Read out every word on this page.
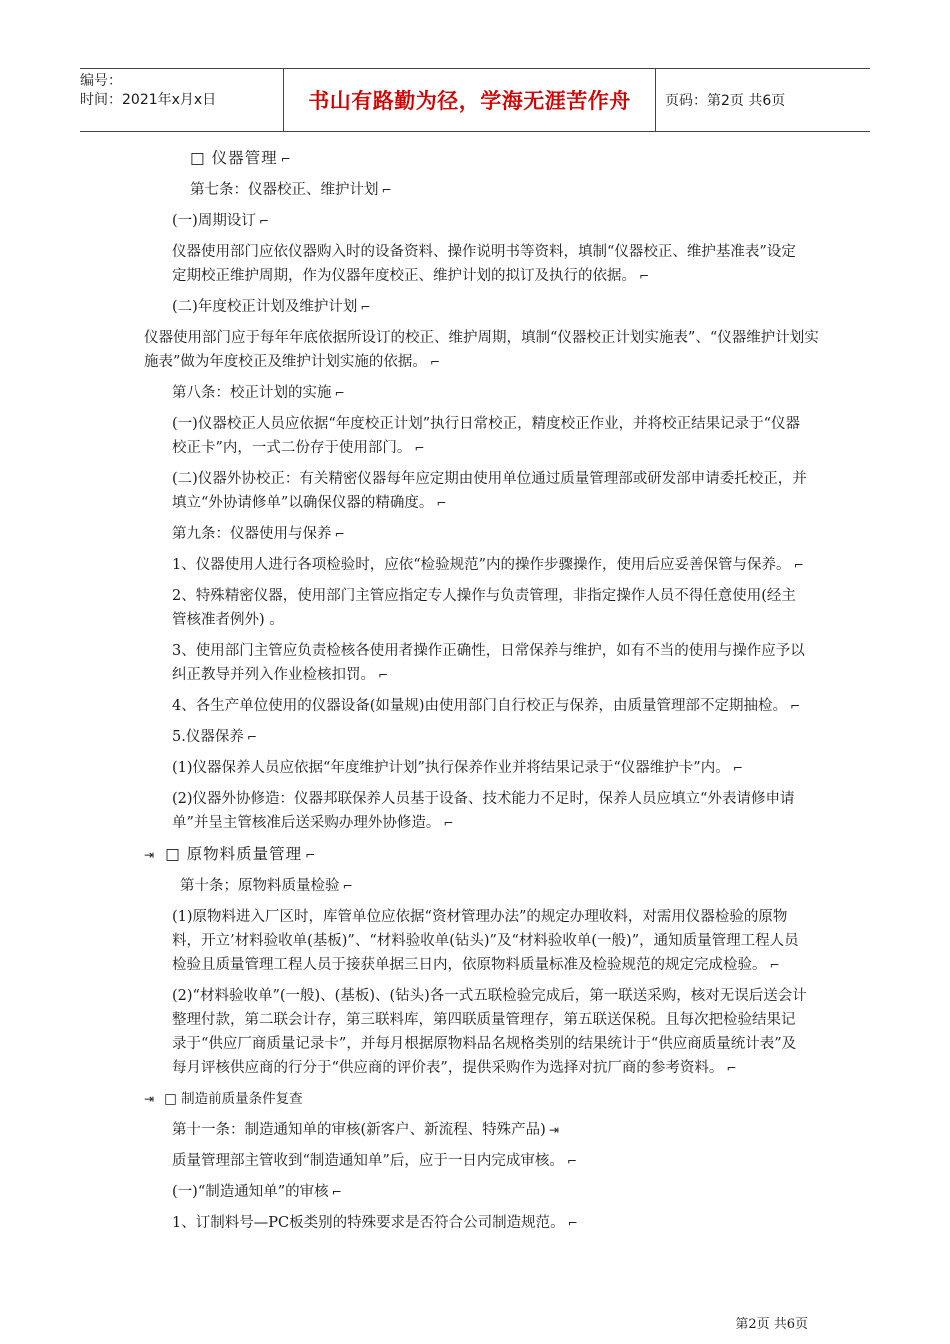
编号：
时间：2021年x月x日	书山有路勤为径，学海无涯苦作舟 页码：第2页 共6页
□ 仪器管理 ⌐
第七条：仪器校正、维护计划 ⌐
(一)周期设订 ⌐
仪器使用部门应依仪器购入时的设备资料、操作说明书等资料，填制“仪器校正、维护基准表”设定定期校正维护周期，作为仪器年度校正、维护计划的拟订及执行的依据。 ⌐
(二)年度校正计划及维护计划 ⌐
仪器使用部门应于每年年底依据所设订的校正、维护周期，填制“仪器校正计划实施表”、“仪器维护计划实施表”做为年度校正及维护计划实施的依据。 ⌐
第八条：校正计划的实施 ⌐
(一)仪器校正人员应依据“年度校正计划”执行日常校正，精度校正作业，并将校正结果记录于“仪器校正卡”内，一式二份存于使用部门。 ⌐
(二)仪器外协校正：有关精密仪器每年应定期由使用单位通过质量管理部或研发部申请委托校正，并填立“外协请修单”以确保仪器的精确度。 ⌐
第九条：仪器使用与保养 ⌐
1、仪器使用人进行各项检验时，应依“检验规范”内的操作步骤操作，使用后应妥善保管与保养。 ⌐
2、特殊精密仪器，使用部门主管应指定专人操作与负责管理，非指定操作人员不得任意使用(经主管核准者例外) 。
3、使用部门主管应负责检核各使用者操作正确性，日常保养与维护，如有不当的使用与操作应予以纠正教导并列入作业检核扣罚。 ⌐
4、各生产单位使用的仪器设备(如量规)由使用部门自行校正与保养，由质量管理部不定期抽检。 ⌐
5.仪器保养 ⌐
(1)仪器保养人员应依据“年度维护计划”执行保养作业并将结果记录于“仪器维护卡”内。 ⌐
(2)仪器外协修造：仪器邦联保养人员基于设备、技术能力不足时，保养人员应填立“外表请修申请单”并呈主管核准后送采购办理外协修造。 ⌐
⇥ □ 原物料质量管理 ⌐
第十条；原物料质量检验 ⌐
(1)原物料进入厂区时，库管单位应依据“资材管理办法”的规定办理收料，对需用仪器检验的原物料，开立’材料验收单(基板)”、“材料验收单(钻头)”及“材料验收单(一般)”，通知质量管理工程人员检验且质量管理工程人员于接获单据三日内，依原物料质量标准及检验规范的规定完成检验。 ⌐
(2)“材料验收单”(一般)、(基板)、(钻头)各一式五联检验完成后，第一联送采购，核对无误后送会计整理付款，第二联会计存，第三联料库，第四联质量管理存，第五联送保税。且每次把检验结果记录于“供应厂商质量记录卡”，并每月根据原物料品名规格类别的结果统计于“供应商质量统计表”及每月评核供应商的行分于“供应商的评价表”，提供采购作为选择对抗厂商的参考资料。 ⌐
⇥ □ 制造前质量条件复查
第十一条：制造通知单的审核(新客户、新流程、特殊产品) ⇥
质量管理部主管收到“制造通知单”后，应于一日内完成审核。 ⌐
(一)“制造通知单”的审核 ⌐
1、订制料号—PC板类别的特殊要求是否符合公司制造规范。 ⌐
第2页 共6页
